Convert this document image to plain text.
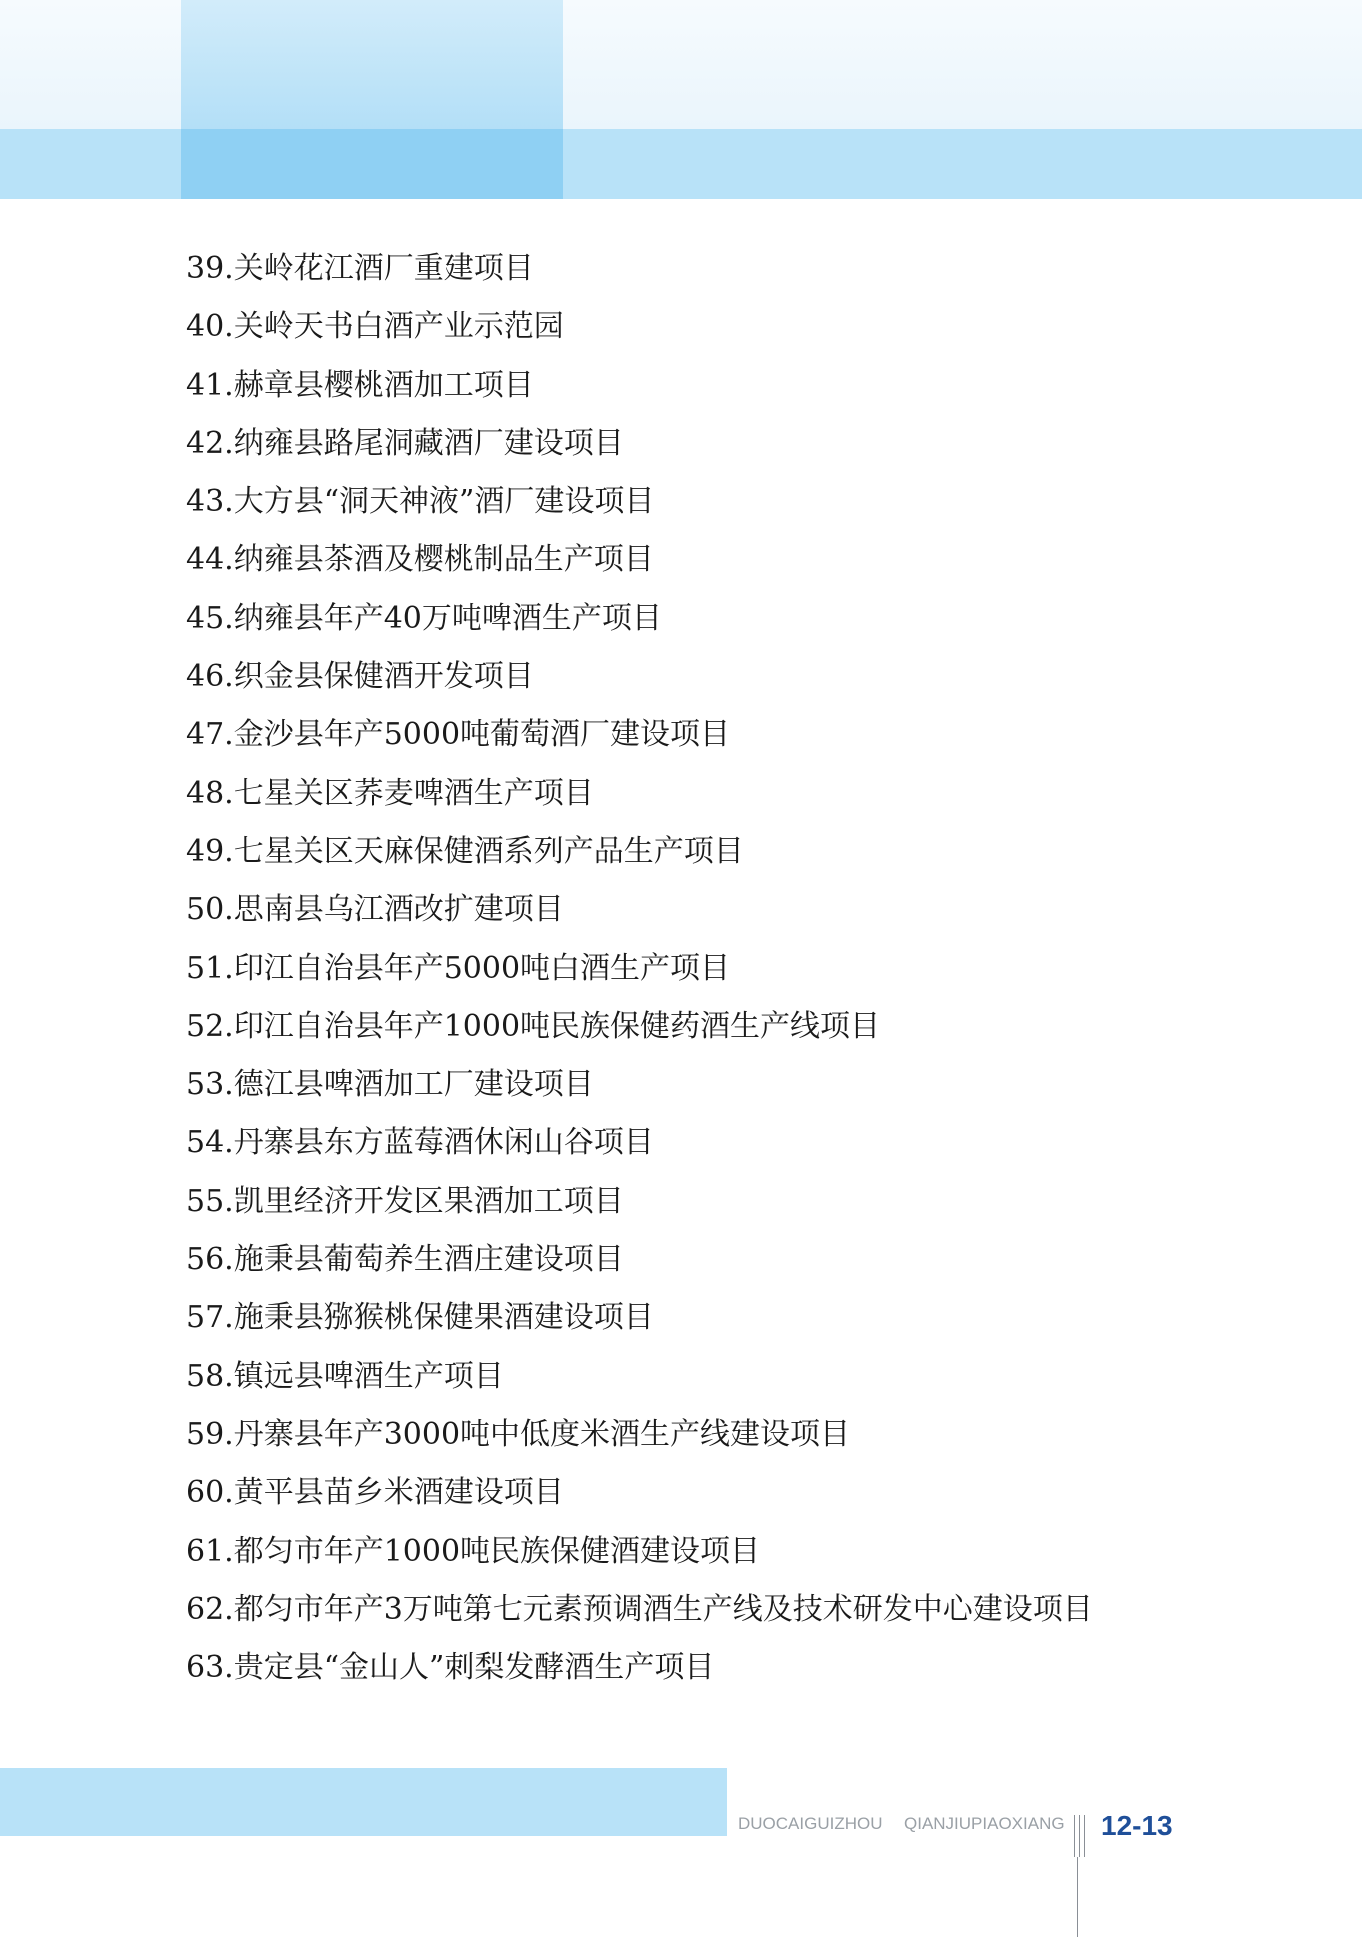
39.关岭花江酒厂重建项目
40.关岭天书白酒产业示范园
41.赫章县樱桃酒加工项目
42.纳雍县路尾洞藏酒厂建设项目
43.大方县“洞天神液”酒厂建设项目
44.纳雍县茶酒及樱桃制品生产项目
45.纳雍县年产40万吨啤酒生产项目
46.织金县保健酒开发项目
47.金沙县年产5000吨葡萄酒厂建设项目
48.七星关区荞麦啤酒生产项目
49.七星关区天麻保健酒系列产品生产项目
50.思南县乌江酒改扩建项目
51.印江自治县年产5000吨白酒生产项目
52.印江自治县年产1000吨民族保健药酒生产线项目
53.德江县啤酒加工厂建设项目
54.丹寨县东方蓝莓酒休闲山谷项目
55.凯里经济开发区果酒加工项目
56.施秉县葡萄养生酒庄建设项目
57.施秉县猕猴桃保健果酒建设项目
58.镇远县啤酒生产项目
59.丹寨县年产3000吨中低度米酒生产线建设项目
60.黄平县苗乡米酒建设项目
61.都匀市年产1000吨民族保健酒建设项目
62.都匀市年产3万吨第七元素预调酒生产线及技术研发中心建设项目
63.贵定县“金山人”刺梨发酵酒生产项目
DUOCAIGUIZHOU QIANJIUPIAOXIANG 12-13
